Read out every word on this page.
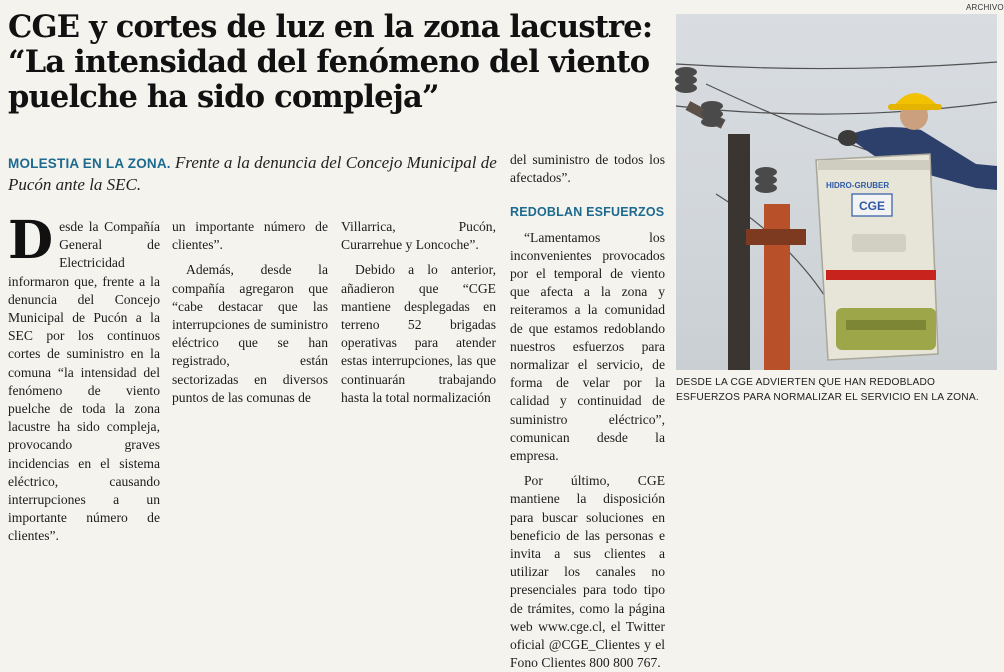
CGE y cortes de luz en la zona lacustre:
“La intensidad del fenómeno del viento
puelche ha sido compleja”
MOLESTIA EN LA ZONA. Frente a la denuncia del Concejo Municipal de Pucón ante la SEC.

D esde la Compañía General de Electricidad informaron que, frente a la denuncia del Concejo Municipal de Pucón a la SEC por los continuos cortes de suministro en la comuna “la intensidad del fenómeno de viento puelche de toda la zona lacustre ha sido compleja, provocando graves incidencias en el sistema eléctrico, causando interrupciones a un importante número de clientes”.

un importante número de clientes”.

Además, desde la compañía agregaron que “cabe destacar que las interrupciones de suministro eléctrico que se han registrado, están sectorizadas en diversos puntos de las comunas de

Villarrica, Pucón, Curarrehue y Loncoche”.

Debido a lo anterior, añadieron que “CGE mantiene desplegadas en terreno 52 brigadas operativas para atender estas interrupciones, las que continuarán trabajando hasta la total normalización

del suministro de todos los afectados”.

REDOBLAN ESFUERZOS

“Lamentamos los inconvenientes provocados por el temporal de viento que afecta a la zona y reiteramos a la comunidad de que estamos redoblando nuestros esfuerzos para normalizar el servicio, de forma de velar por la calidad y continuidad de suministro eléctrico”, comunican desde la empresa.

Por último, CGE mantiene la disposición para buscar soluciones en beneficio de las personas e invita a sus clientes a utilizar los canales no presenciales para todo tipo de trámites, como la página web www.cge.cl, el Twitter oficial @CGE_Clientes y el Fono Clientes 800 800 767.

ARCHIVO
HIDRO-GRUBER
CGE
DESDE LA CGE ADVIERTEN QUE HAN REDOBLADO ESFUERZOS PARA NORMALIZAR EL SERVICIO EN LA ZONA.
